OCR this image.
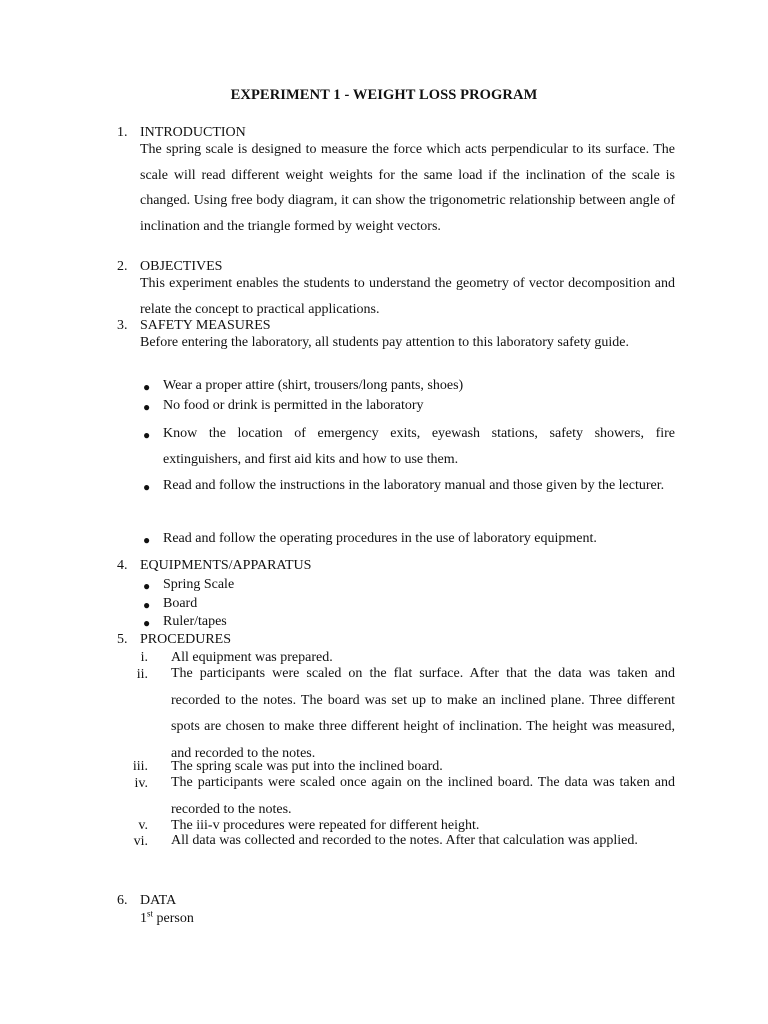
EXPERIMENT 1 - WEIGHT LOSS PROGRAM
1. INTRODUCTION
The spring scale is designed to measure the force which acts perpendicular to its surface. The scale will read different weight weights for the same load if the inclination of the scale is changed. Using free body diagram, it can show the trigonometric relationship between angle of inclination and the triangle formed by weight vectors.
2. OBJECTIVES
This experiment enables the students to understand the geometry of vector decomposition and relate the concept to practical applications.
3. SAFETY MEASURES
Before entering the laboratory, all students pay attention to this laboratory safety guide.
● Wear a proper attire (shirt, trousers/long pants, shoes)
● No food or drink is permitted in the laboratory
● Know the location of emergency exits, eyewash stations, safety showers, fire extinguishers, and first aid kits and how to use them.
● Read and follow the instructions in the laboratory manual and those given by the lecturer.
● Read and follow the operating procedures in the use of laboratory equipment.
4. EQUIPMENTS/APPARATUS
● Spring Scale
● Board
● Ruler/tapes
5. PROCEDURES
i. All equipment was prepared.
ii. The participants were scaled on the flat surface. After that the data was taken and recorded to the notes. The board was set up to make an inclined plane. Three different spots are chosen to make three different height of inclination. The height was measured, and recorded to the notes.
iii. The spring scale was put into the inclined board.
iv. The participants were scaled once again on the inclined board. The data was taken and recorded to the notes.
v. The iii-v procedures were repeated for different height.
vi. All data was collected and recorded to the notes. After that calculation was applied.
6. DATA
1st person
